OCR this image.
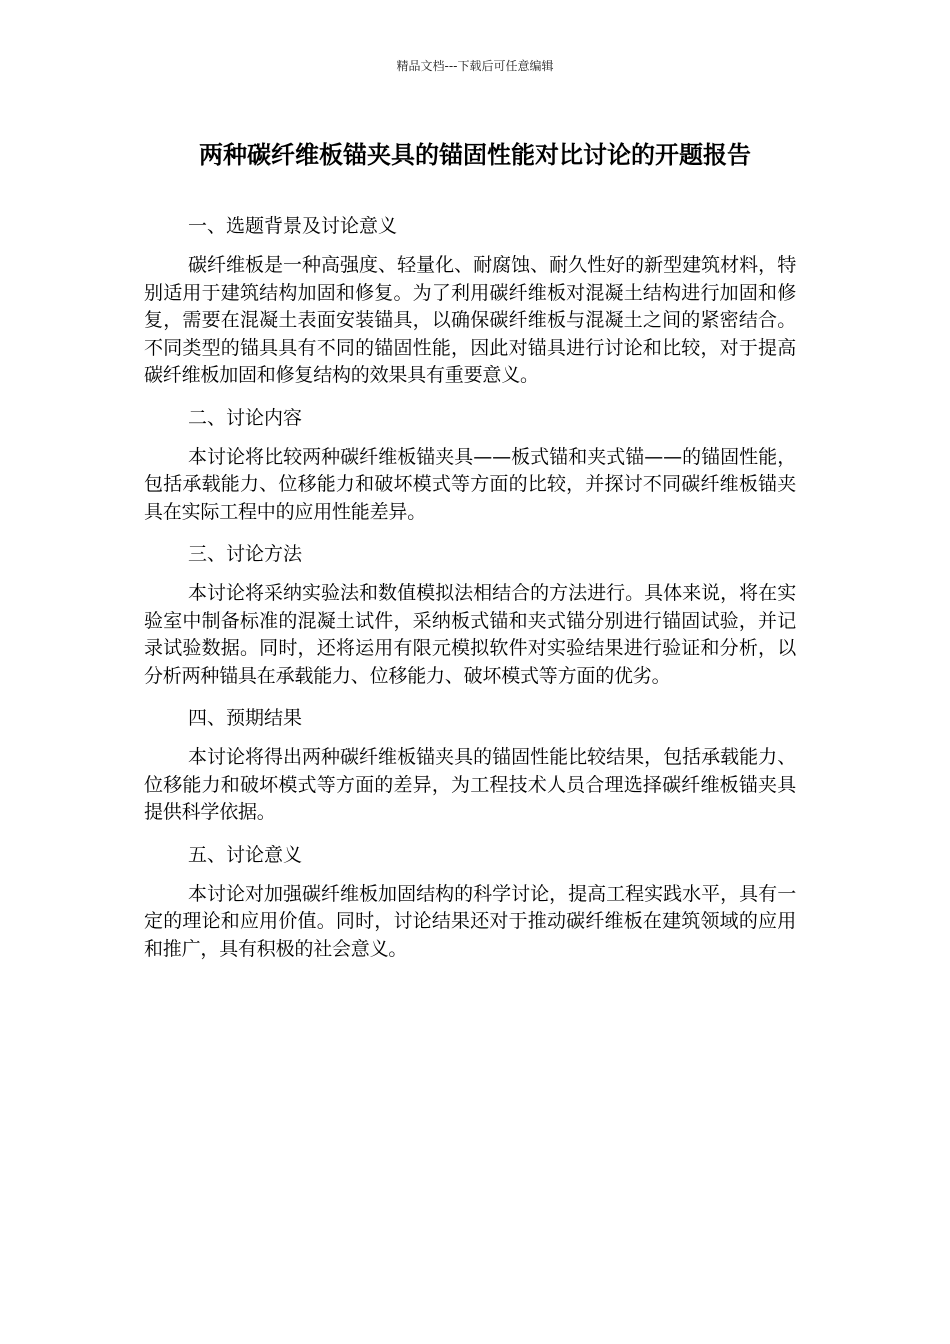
精品文档---下载后可任意编辑
两种碳纤维板锚夹具的锚固性能对比讨论的开题报告

一、选题背景及讨论意义

碳纤维板是一种高强度、轻量化、耐腐蚀、耐久性好的新型建筑材料，特别适用于建筑结构加固和修复。为了利用碳纤维板对混凝土结构进行加固和修复，需要在混凝土表面安装锚具，以确保碳纤维板与混凝土之间的紧密结合。不同类型的锚具具有不同的锚固性能，因此对锚具进行讨论和比较，对于提高碳纤维板加固和修复结构的效果具有重要意义。

二、讨论内容

本讨论将比较两种碳纤维板锚夹具——板式锚和夹式锚——的锚固性能，包括承载能力、位移能力和破坏模式等方面的比较，并探讨不同碳纤维板锚夹具在实际工程中的应用性能差异。

三、讨论方法

本讨论将采纳实验法和数值模拟法相结合的方法进行。具体来说，将在实验室中制备标准的混凝土试件，采纳板式锚和夹式锚分别进行锚固试验，并记录试验数据。同时，还将运用有限元模拟软件对实验结果进行验证和分析，以分析两种锚具在承载能力、位移能力、破坏模式等方面的优劣。

四、预期结果

本讨论将得出两种碳纤维板锚夹具的锚固性能比较结果，包括承载能力、位移能力和破坏模式等方面的差异，为工程技术人员合理选择碳纤维板锚夹具提供科学依据。

五、讨论意义

本讨论对加强碳纤维板加固结构的科学讨论，提高工程实践水平，具有一定的理论和应用价值。同时，讨论结果还对于推动碳纤维板在建筑领域的应用和推广，具有积极的社会意义。
